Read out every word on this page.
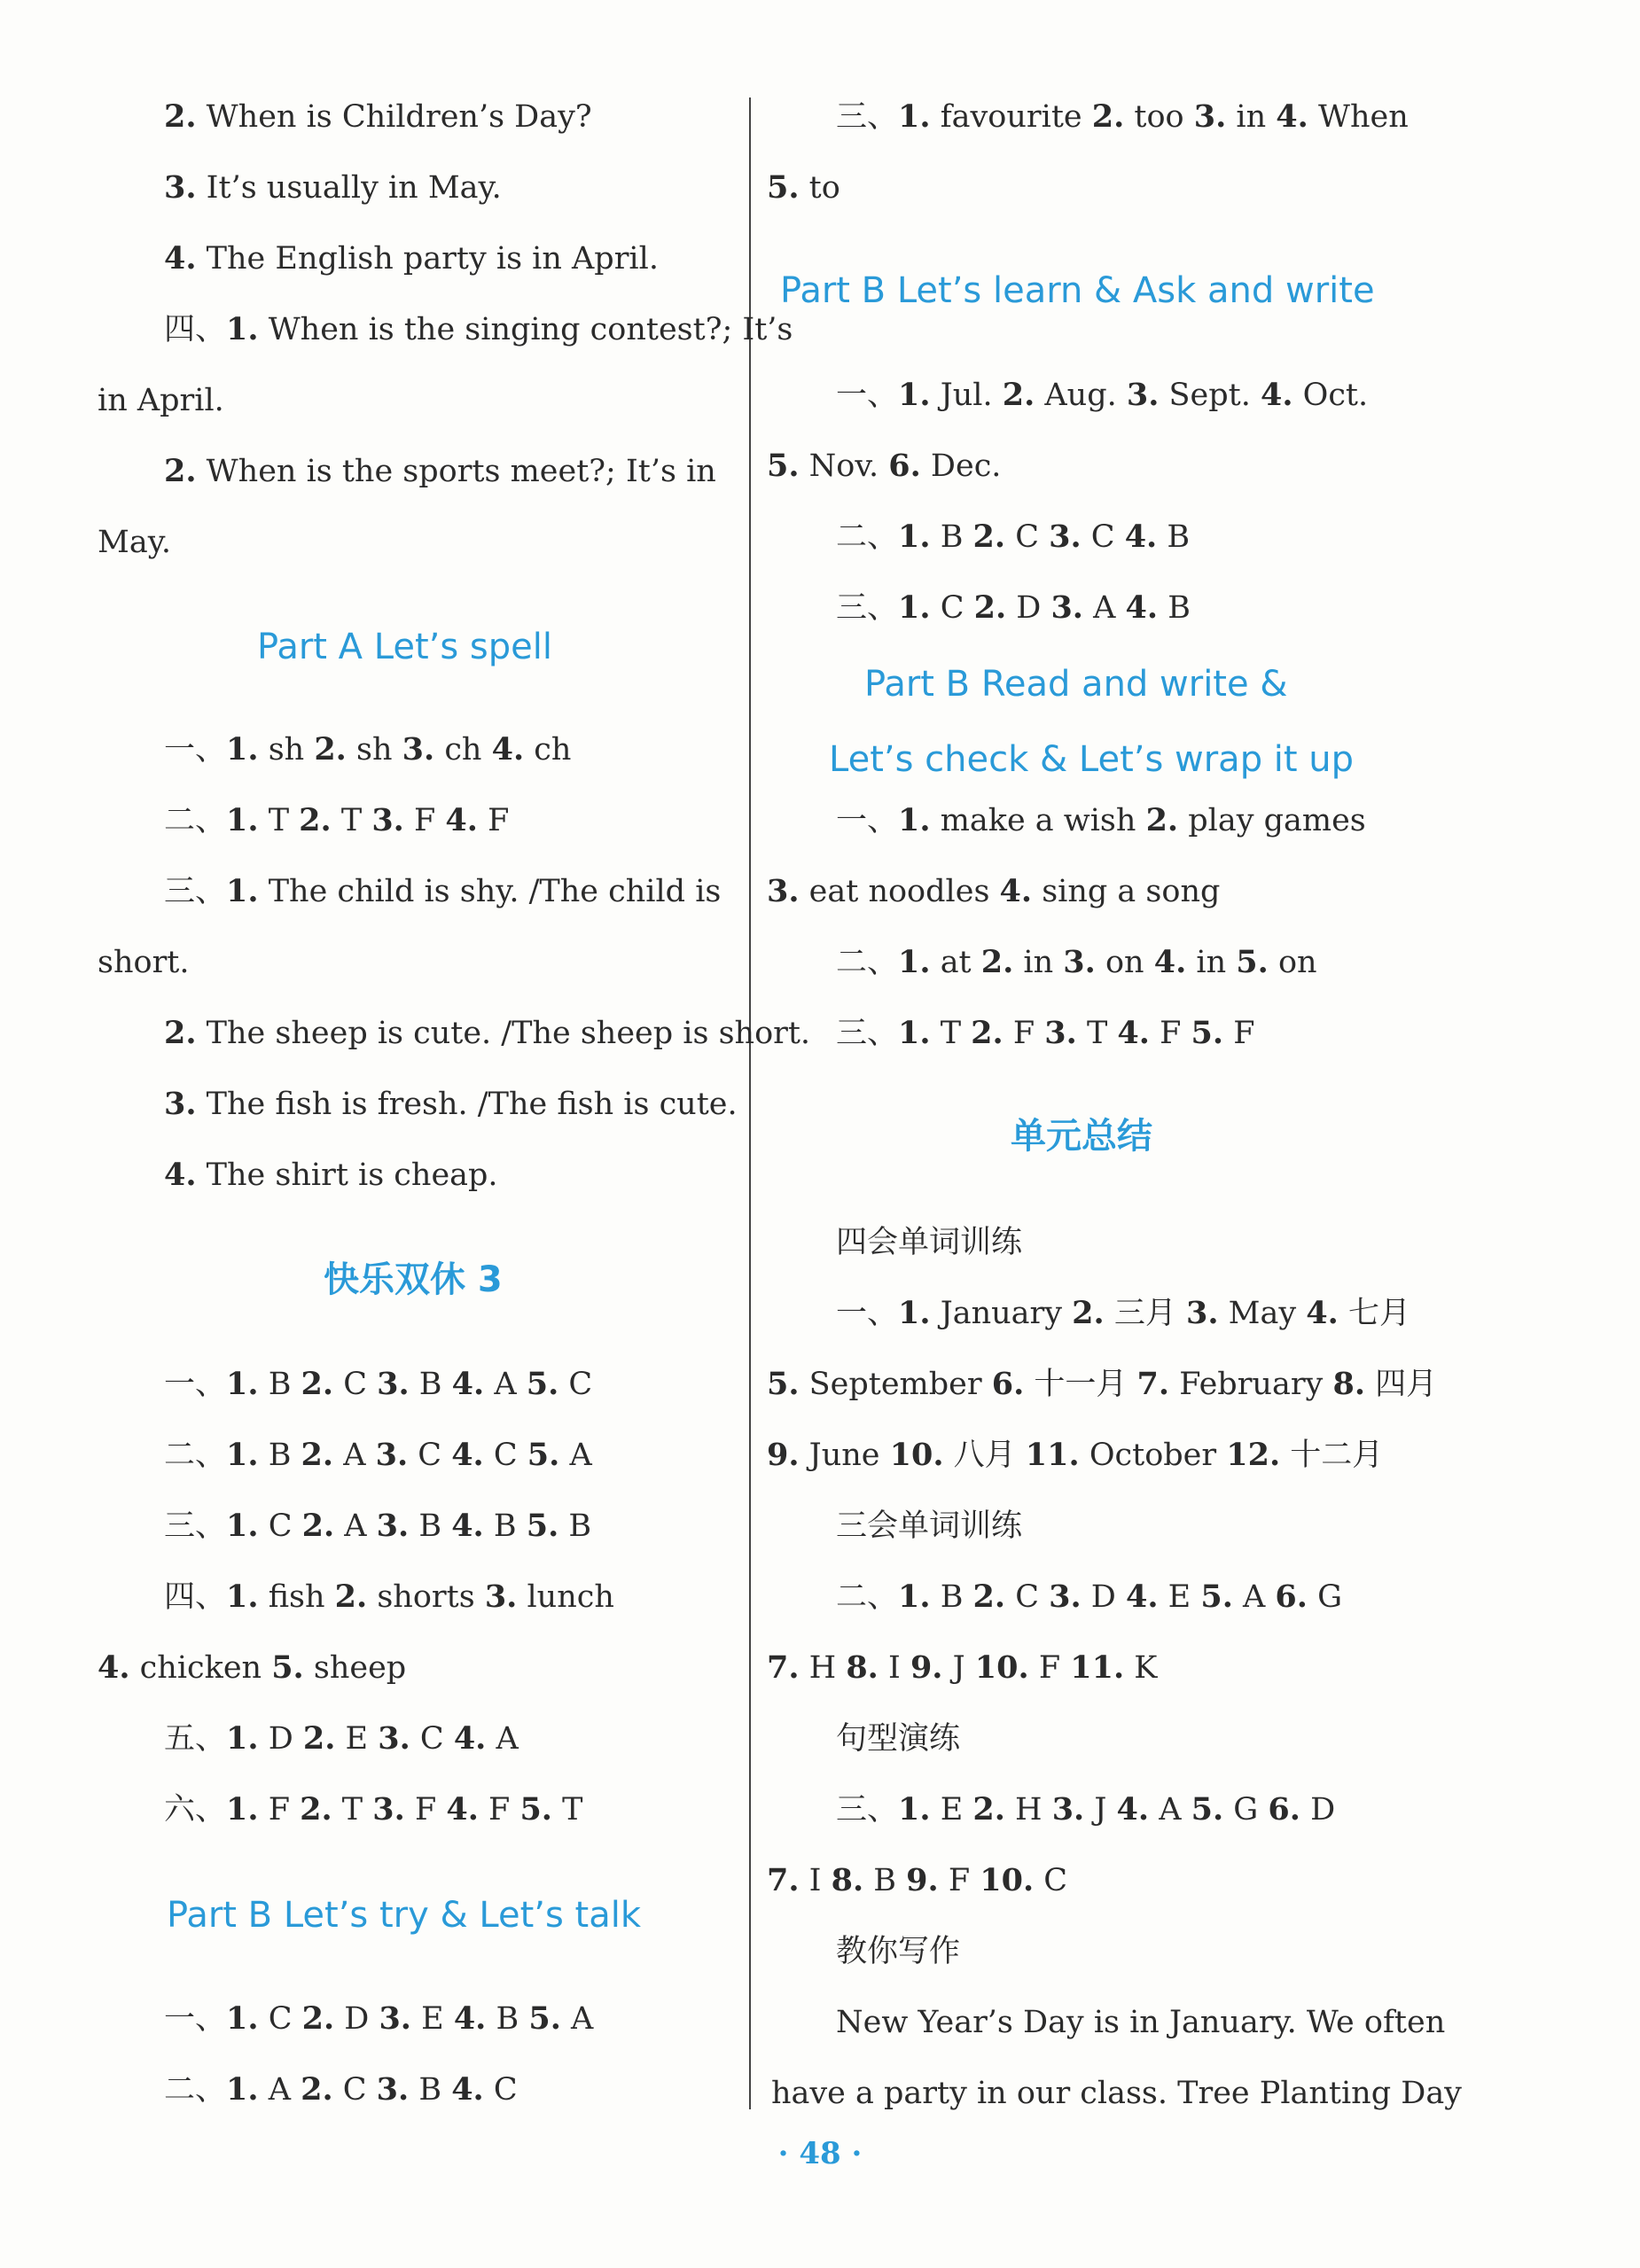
2. When is Children’s Day?
3. It’s usually in May.
4. The English party is in April.
四、1. When is the singing contest?; It’s
in April.
2. When is the sports meet?; It’s in
May.
Part A Let’s spell
一、1. sh 2. sh 3. ch 4. ch
二、1. T 2. T 3. F 4. F
三、1. The child is shy. /The child is
short.
2. The sheep is cute. /The sheep is short.
3. The fish is fresh. /The fish is cute.
4. The shirt is cheap.
快乐双休 3
一、1. B 2. C 3. B 4. A 5. C
二、1. B 2. A 3. C 4. C 5. A
三、1. C 2. A 3. B 4. B 5. B
四、1. fish 2. shorts 3. lunch
4. chicken 5. sheep
五、1. D 2. E 3. C 4. A
六、1. F 2. T 3. F 4. F 5. T
Part B Let’s try & Let’s talk
一、1. C 2. D 3. E 4. B 5. A
二、1. A 2. C 3. B 4. C
三、1. favourite 2. too 3. in 4. When
5. to
Part B Let’s learn & Ask and write
一、1. Jul. 2. Aug. 3. Sept. 4. Oct.
5. Nov. 6. Dec.
二、1. B 2. C 3. C 4. B
三、1. C 2. D 3. A 4. B
Part B Read and write &
Let’s check & Let’s wrap it up
一、1. make a wish 2. play games
3. eat noodles 4. sing a song
二、1. at 2. in 3. on 4. in 5. on
三、1. T 2. F 3. T 4. F 5. F
单元总结
四会单词训练
一、1. January 2. 三月 3. May 4. 七月
5. September 6. 十一月 7. February 8. 四月
9. June 10. 八月 11. October 12. 十二月
三会单词训练
二、1. B 2. C 3. D 4. E 5. A 6. G
7. H 8. I 9. J 10. F 11. K
句型演练
三、1. E 2. H 3. J 4. A 5. G 6. D
7. I 8. B 9. F 10. C
教你写作
New Year’s Day is in January. We often
have a party in our class. Tree Planting Day
· 48 ·
